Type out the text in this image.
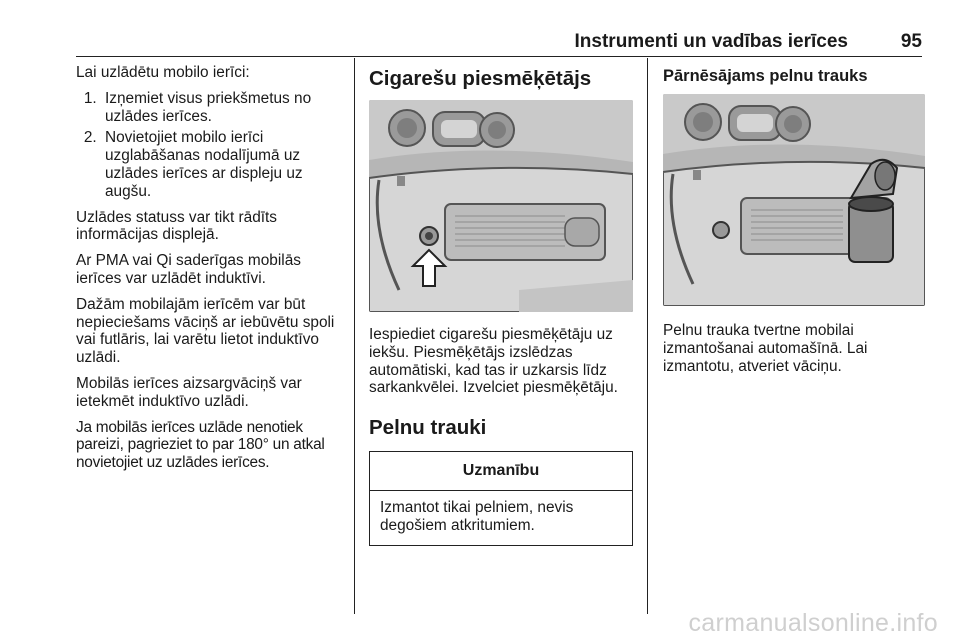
Instrumenti un vadības ierīces	95

Lai uzlādētu mobilo ierīci:

1. Izņemiet visus priekšmetus no uzlādes ierīces.
2. Novietojiet mobilo ierīci uzglabāšanas nodalījumā uz uzlādes ierīces ar displeju uz augšu.

Uzlādes statuss var tikt rādīts informācijas displejā.

Ar PMA vai Qi saderīgas mobilās ierīces var uzlādēt induktīvi.

Dažām mobilajām ierīcēm var būt nepieciešams vāciņš ar iebūvētu spoli vai futlāris, lai varētu lietot induktīvo uzlādi.

Mobilās ierīces aizsargvāciņš var ietekmēt induktīvo uzlādi.

Ja mobilās ierīces uzlāde nenotiek pareizi, pagrieziet to par 180° un atkal novietojiet uz uzlādes ierīces.

Cigarešu piesmēķētājs

Iespiediet cigarešu piesmēķētāju uz iekšu. Piesmēķētājs izslēdzas automātiski, kad tas ir uzkarsis līdz sarkankvēlei. Izvelciet piesmēķētāju.

Pelnu trauki
Uzmanību
Izmantot tikai pelniem, nevis degošiem atkritumiem.
Pārnēsājams pelnu trauks

Pelnu trauka tvertne mobilai izmantošanai automašīnā. Lai izmantotu, atveriet vāciņu.

carmanualsonline.info
